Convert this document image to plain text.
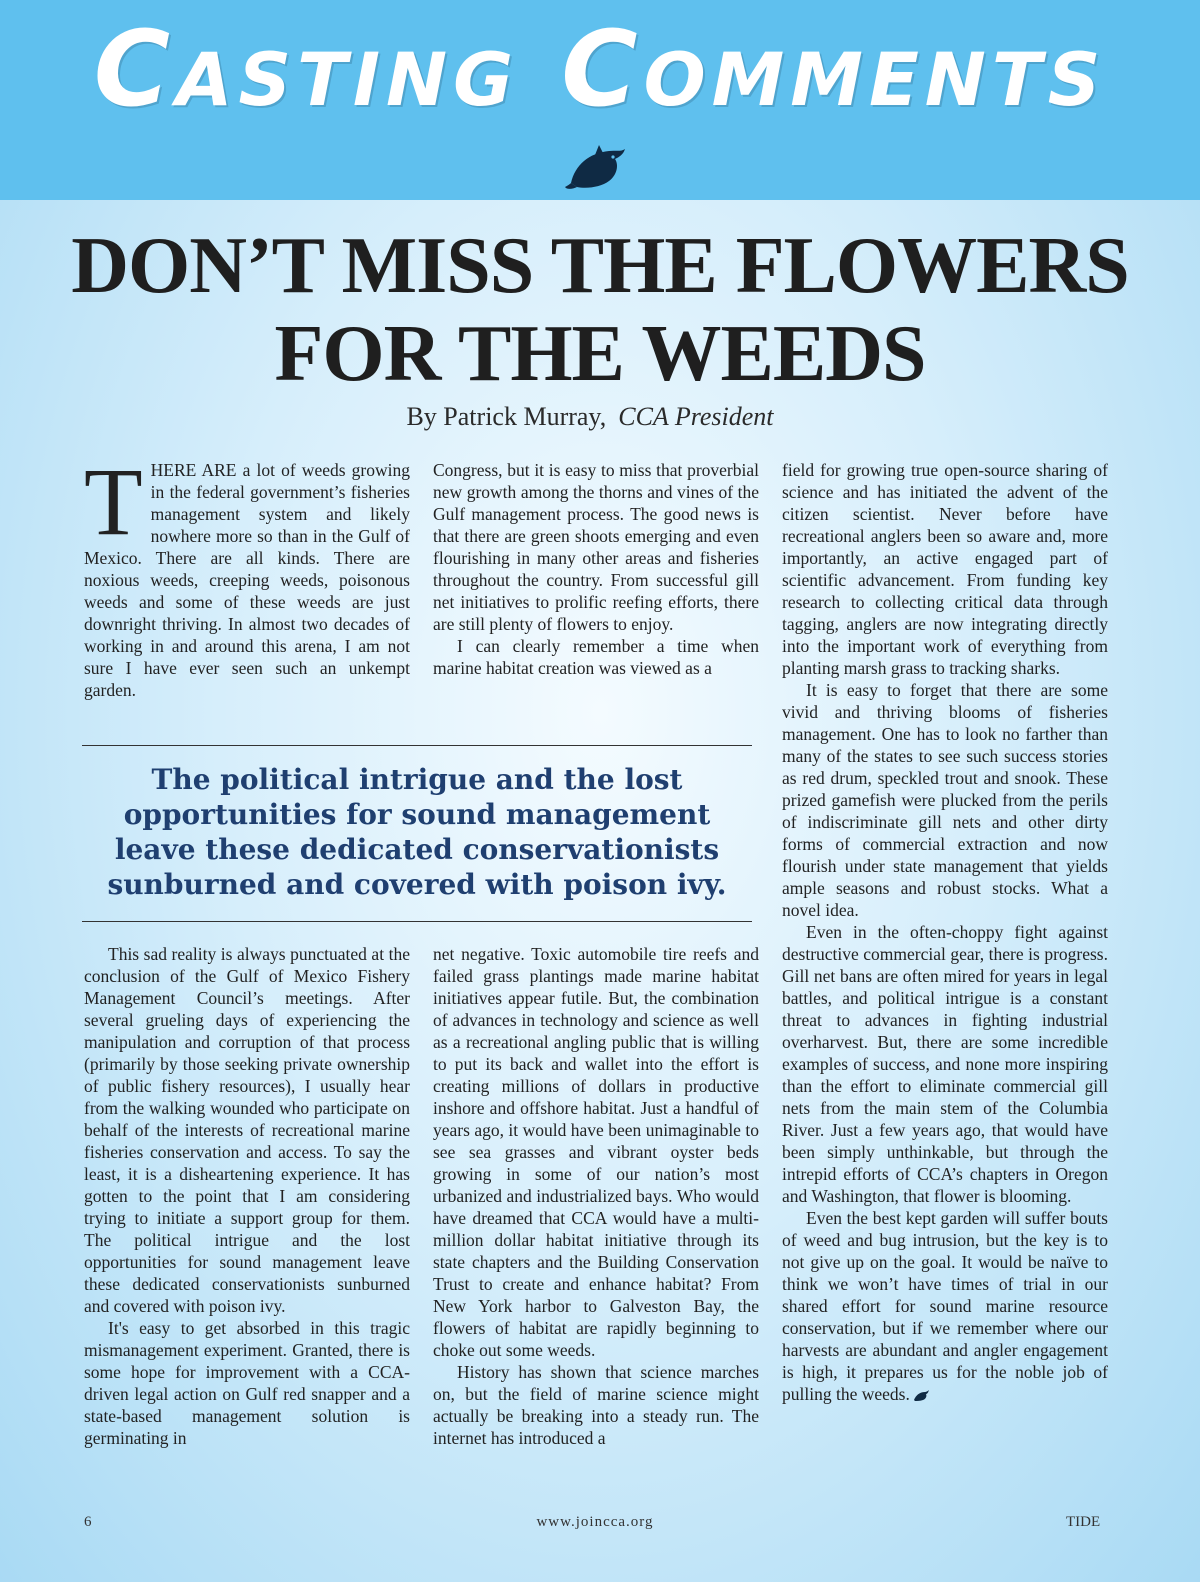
Casting Comments
DON’T MISS THE FLOWERS
FOR THE WEEDS
By Patrick Murray, CCA President

THERE ARE a lot of weeds growing in the federal government’s fisheries management system and likely nowhere more so than in the Gulf of Mexico. There are all kinds. There are noxious weeds, creeping weeds, poisonous weeds and some of these weeds are just downright thriving. In almost two decades of working in and around this arena, I am not sure I have ever seen such an unkempt garden.

Congress, but it is easy to miss that proverbial new growth among the thorns and vines of the Gulf management process. The good news is that there are green shoots emerging and even flourishing in many other areas and fisheries throughout the country. From successful gill net initiatives to prolific reefing efforts, there are still plenty of flowers to enjoy.

I can clearly remember a time when marine habitat creation was viewed as a

The political intrigue and the lost opportunities for sound management leave these dedicated conservationists sunburned and covered with poison ivy.

This sad reality is always punctuated at the conclusion of the Gulf of Mexico Fishery Management Council’s meetings. After several grueling days of experiencing the manipulation and corruption of that process (primarily by those seeking private ownership of public fishery resources), I usually hear from the walking wounded who participate on behalf of the interests of recreational marine fisheries conservation and access. To say the least, it is a disheartening experience. It has gotten to the point that I am considering trying to initiate a support group for them. The political intrigue and the lost opportunities for sound management leave these dedicated conservationists sunburned and covered with poison ivy.

It's easy to get absorbed in this tragic mismanagement experiment. Granted, there is some hope for improvement with a CCA-driven legal action on Gulf red snapper and a state-based management solution is germinating in

net negative. Toxic automobile tire reefs and failed grass plantings made marine habitat initiatives appear futile. But, the combination of advances in technology and science as well as a recreational angling public that is willing to put its back and wallet into the effort is creating millions of dollars in productive inshore and offshore habitat. Just a handful of years ago, it would have been unimaginable to see sea grasses and vibrant oyster beds growing in some of our nation’s most urbanized and industrialized bays. Who would have dreamed that CCA would have a multi-million dollar habitat initiative through its state chapters and the Building Conservation Trust to create and enhance habitat? From New York harbor to Galveston Bay, the flowers of habitat are rapidly beginning to choke out some weeds.

History has shown that science marches on, but the field of marine science might actually be breaking into a steady run. The internet has introduced a

field for growing true open-source sharing of science and has initiated the advent of the citizen scientist. Never before have recreational anglers been so aware and, more importantly, an active engaged part of scientific advancement. From funding key research to collecting critical data through tagging, anglers are now integrating directly into the important work of everything from planting marsh grass to tracking sharks.

It is easy to forget that there are some vivid and thriving blooms of fisheries management. One has to look no farther than many of the states to see such success stories as red drum, speckled trout and snook. These prized gamefish were plucked from the perils of indiscriminate gill nets and other dirty forms of commercial extraction and now flourish under state management that yields ample seasons and robust stocks. What a novel idea.

Even in the often-choppy fight against destructive commercial gear, there is progress. Gill net bans are often mired for years in legal battles, and political intrigue is a constant threat to advances in fighting industrial overharvest. But, there are some incredible examples of success, and none more inspiring than the effort to eliminate commercial gill nets from the main stem of the Columbia River. Just a few years ago, that would have been simply unthinkable, but through the intrepid efforts of CCA’s chapters in Oregon and Washington, that flower is blooming.

Even the best kept garden will suffer bouts of weed and bug intrusion, but the key is to not give up on the goal. It would be naïve to think we won’t have times of trial in our shared effort for sound marine resource conservation, but if we remember where our harvests are abundant and angler engagement is high, it prepares us for the noble job of pulling the weeds.

6	www.joincca.org	TIDE
